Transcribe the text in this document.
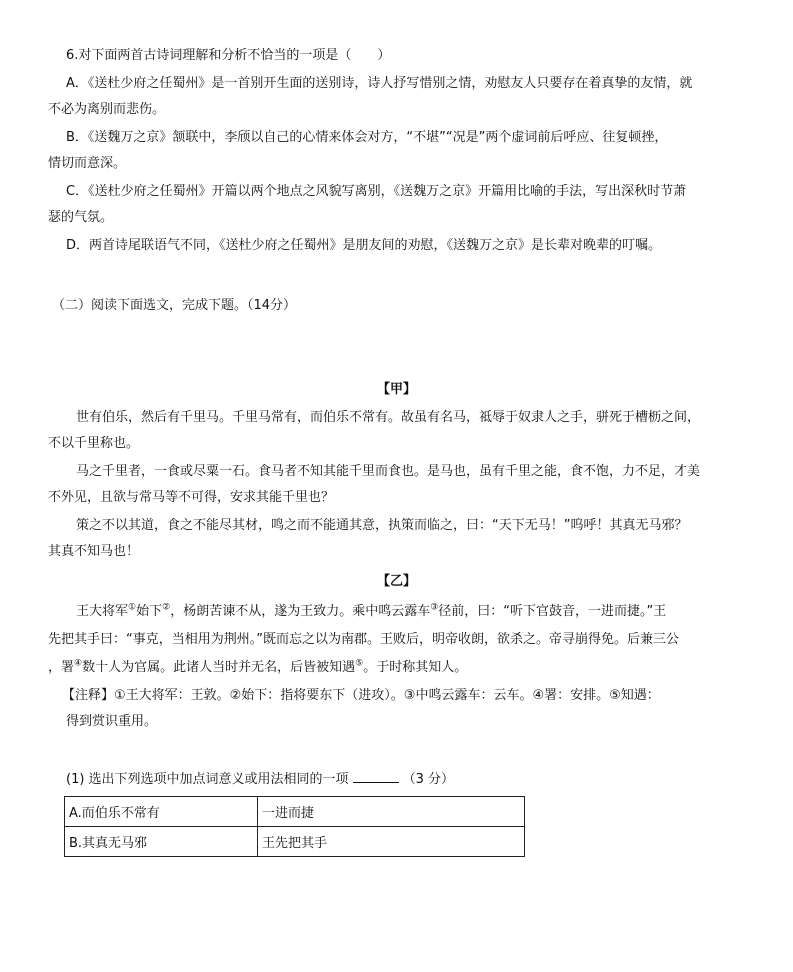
6.对下面两首古诗词理解和分析不恰当的一项是（　　）
A．《送杜少府之任蜀州》是一首别开生面的送别诗，诗人抒写惜别之情，劝慰友人只要存在着真挚的友情，就
不必为离别而悲伤。
B．《送魏万之京》颔联中，李颀以自己的心情来体会对方，“不堪”“况是”两个虚词前后呼应、往复顿挫，
情切而意深。
C．《送杜少府之任蜀州》开篇以两个地点之风貌写离别，《送魏万之京》开篇用比喻的手法，写出深秋时节萧
瑟的气氛。
D．两首诗尾联语气不同，《送杜少府之任蜀州》是朋友间的劝慰，《送魏万之京》是长辈对晚辈的叮嘱。
（二）阅读下面选文，完成下题。（14分）
【甲】
世有伯乐，然后有千里马。千里马常有，而伯乐不常有。故虽有名马，祗辱于奴隶人之手，骈死于槽枥之间，
不以千里称也。
马之千里者，一食或尽粟一石。食马者不知其能千里而食也。是马也，虽有千里之能，食不饱，力不足，才美
不外见，且欲与常马等不可得，安求其能千里也？
策之不以其道，食之不能尽其材，鸣之而不能通其意，执策而临之，曰：“天下无马！”呜呼！其真无马邪？
其真不知马也！
【乙】
王大将军①始下②，杨朗苦谏不从，遂为王致力。乘中鸣云露车③径前，曰：“听下官鼓音，一进而捷。”王
先把其手曰：“事克，当相用为荆州。”既而忘之以为南郡。王败后，明帝收朗，欲杀之。帝寻崩得免。后兼三公
，署④数十人为官属。此诸人当时并无名，后皆被知遇⑤。于时称其知人。
【注释】①王大将军：王敦。②始下：指将要东下（进攻）。③中鸣云露车：云车。④署：安排。⑤知遇：
得到赏识重用。
(1) 选出下列选项中加点词意义或用法相同的一项	（3 分）
A.而伯乐不常有	一进而捷
B.其真无马邪	王先把其手
